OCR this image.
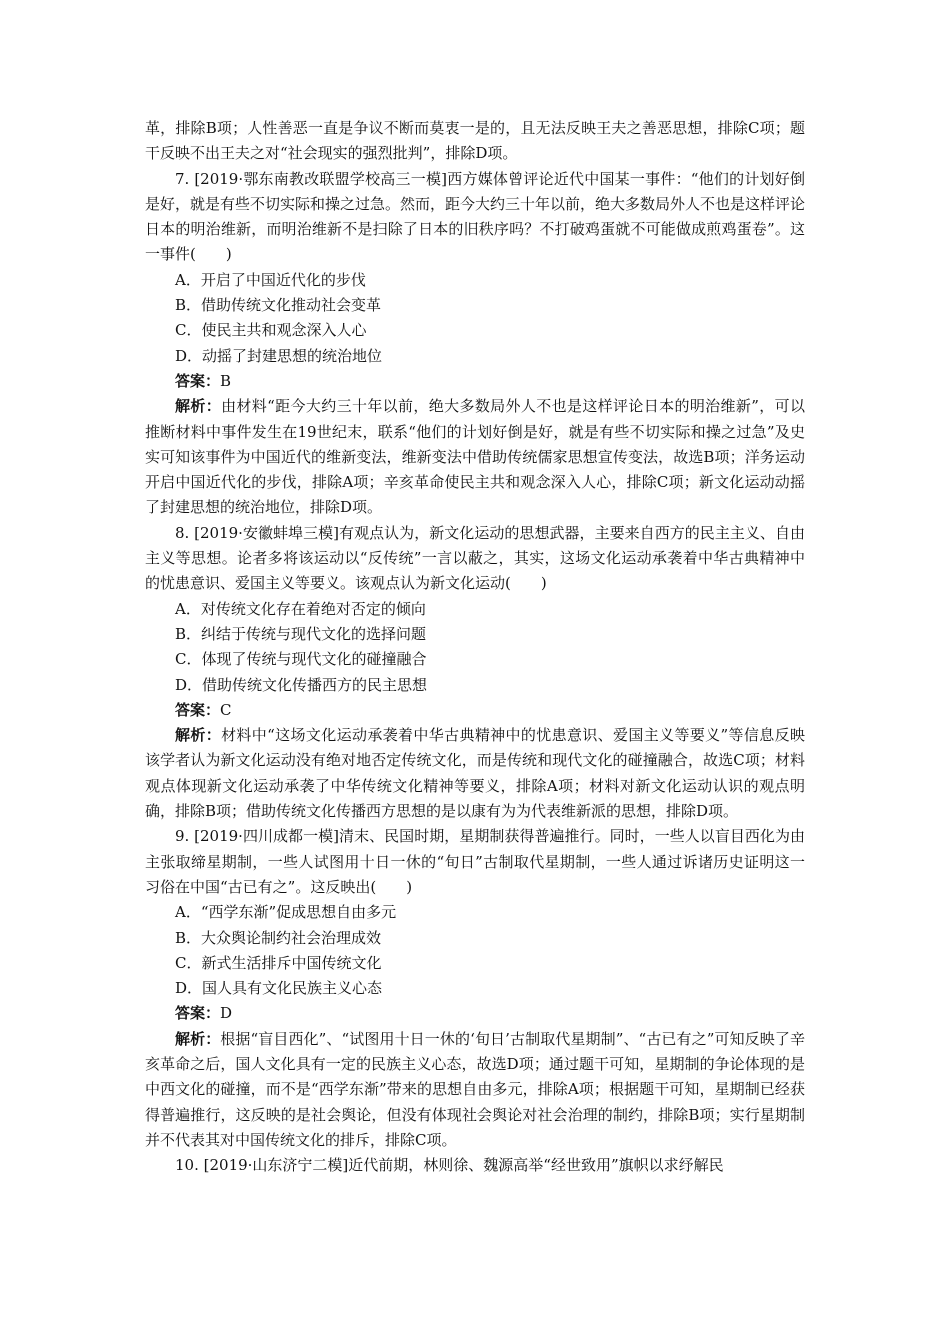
革，排除B项；人性善恶一直是争议不断而莫衷一是的，且无法反映王夫之善恶思想，排除C项；题干反映不出王夫之对“社会现实的强烈批判”，排除D项。

7. [2019·鄂东南教改联盟学校高三一模]西方媒体曾评论近代中国某一事件：“他们的计划好倒是好，就是有些不切实际和操之过急。然而，距今大约三十年以前，绝大多数局外人不也是这样评论日本的明治维新，而明治维新不是扫除了日本的旧秩序吗？不打破鸡蛋就不可能做成煎鸡蛋卷”。这一事件(　　)

A．开启了中国近代化的步伐

B．借助传统文化推动社会变革

C．使民主共和观念深入人心

D．动摇了封建思想的统治地位

答案：B

解析：由材料“距今大约三十年以前，绝大多数局外人不也是这样评论日本的明治维新”，可以推断材料中事件发生在19世纪末，联系“他们的计划好倒是好，就是有些不切实际和操之过急”及史实可知该事件为中国近代的维新变法，维新变法中借助传统儒家思想宣传变法，故选B项；洋务运动开启中国近代化的步伐，排除A项；辛亥革命使民主共和观念深入人心，排除C项；新文化运动动摇了封建思想的统治地位，排除D项。

8. [2019·安徽蚌埠三模]有观点认为，新文化运动的思想武器，主要来自西方的民主主义、自由主义等思想。论者多将该运动以“反传统”一言以蔽之，其实，这场文化运动承袭着中华古典精神中的忧患意识、爱国主义等要义。该观点认为新文化运动(　　)

A．对传统文化存在着绝对否定的倾向

B．纠结于传统与现代文化的选择问题

C．体现了传统与现代文化的碰撞融合

D．借助传统文化传播西方的民主思想

答案：C

解析：材料中“这场文化运动承袭着中华古典精神中的忧患意识、爱国主义等要义”等信息反映该学者认为新文化运动没有绝对地否定传统文化，而是传统和现代文化的碰撞融合，故选C项；材料观点体现新文化运动承袭了中华传统文化精神等要义，排除A项；材料对新文化运动认识的观点明确，排除B项；借助传统文化传播西方思想的是以康有为为代表维新派的思想，排除D项。

9. [2019·四川成都一模]清末、民国时期，星期制获得普遍推行。同时，一些人以盲目西化为由主张取缔星期制，一些人试图用十日一休的“旬日”古制取代星期制，一些人通过诉诸历史证明这一习俗在中国“古已有之”。这反映出(　　)

A．“西学东渐”促成思想自由多元

B．大众舆论制约社会治理成效

C．新式生活排斥中国传统文化

D．国人具有文化民族主义心态

答案：D

解析：根据“盲目西化”、“试图用十日一休的‘旬日’古制取代星期制”、“古已有之”可知反映了辛亥革命之后，国人文化具有一定的民族主义心态，故选D项；通过题干可知，星期制的争论体现的是中西文化的碰撞，而不是“西学东渐”带来的思想自由多元，排除A项；根据题干可知，星期制已经获得普遍推行，这反映的是社会舆论，但没有体现社会舆论对社会治理的制约，排除B项；实行星期制并不代表其对中国传统文化的排斥，排除C项。

10. [2019·山东济宁二模]近代前期，林则徐、魏源高举“经世致用”旗帜以求纾解民
